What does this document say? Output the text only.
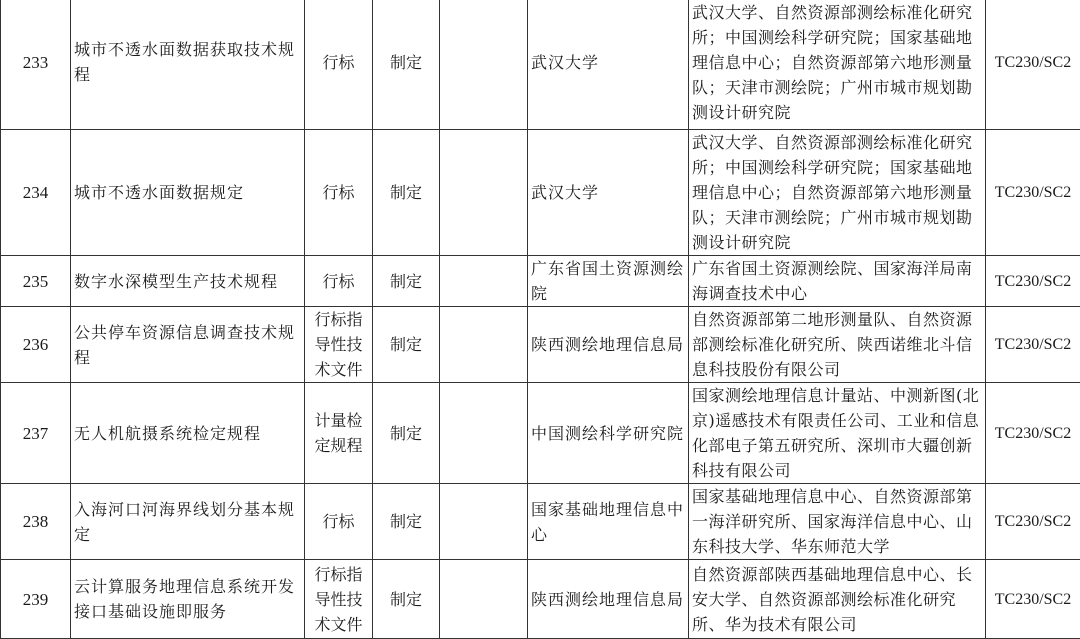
233	城市不透水面数据获取技术规程	行标	制定		武汉大学	武汉大学、自然资源部测绘标准化研究所；中国测绘科学研究院；国家基础地理信息中心；自然资源部第六地形测量队；天津市测绘院；广州市城市规划勘测设计研究院	TC230/SC2
234	城市不透水面数据规定	行标	制定		武汉大学	武汉大学、自然资源部测绘标准化研究所；中国测绘科学研究院；国家基础地理信息中心；自然资源部第六地形测量队；天津市测绘院；广州市城市规划勘测设计研究院	TC230/SC2
235	数字水深模型生产技术规程	行标	制定		广东省国土资源测绘院	广东省国土资源测绘院、国家海洋局南海调查技术中心	TC230/SC2
236	公共停车资源信息调查技术规程	行标指导性技术文件	制定		陕西测绘地理信息局	自然资源部第二地形测量队、自然资源部测绘标准化研究所、陕西诺维北斗信息科技股份有限公司	TC230/SC2
237	无人机航摄系统检定规程	计量检定规程	制定		中国测绘科学研究院	国家测绘地理信息计量站、中测新图(北京)遥感技术有限责任公司、工业和信息化部电子第五研究所、深圳市大疆创新科技有限公司	TC230/SC2
238	入海河口河海界线划分基本规定	行标	制定		国家基础地理信息中心	国家基础地理信息中心、自然资源部第一海洋研究所、国家海洋信息中心、山东科技大学、华东师范大学	TC230/SC2
239	云计算服务地理信息系统开发接口基础设施即服务	行标指导性技术文件	制定		陕西测绘地理信息局	自然资源部陕西基础地理信息中心、长安大学、自然资源部测绘标准化研究所、华为技术有限公司	TC230/SC2
